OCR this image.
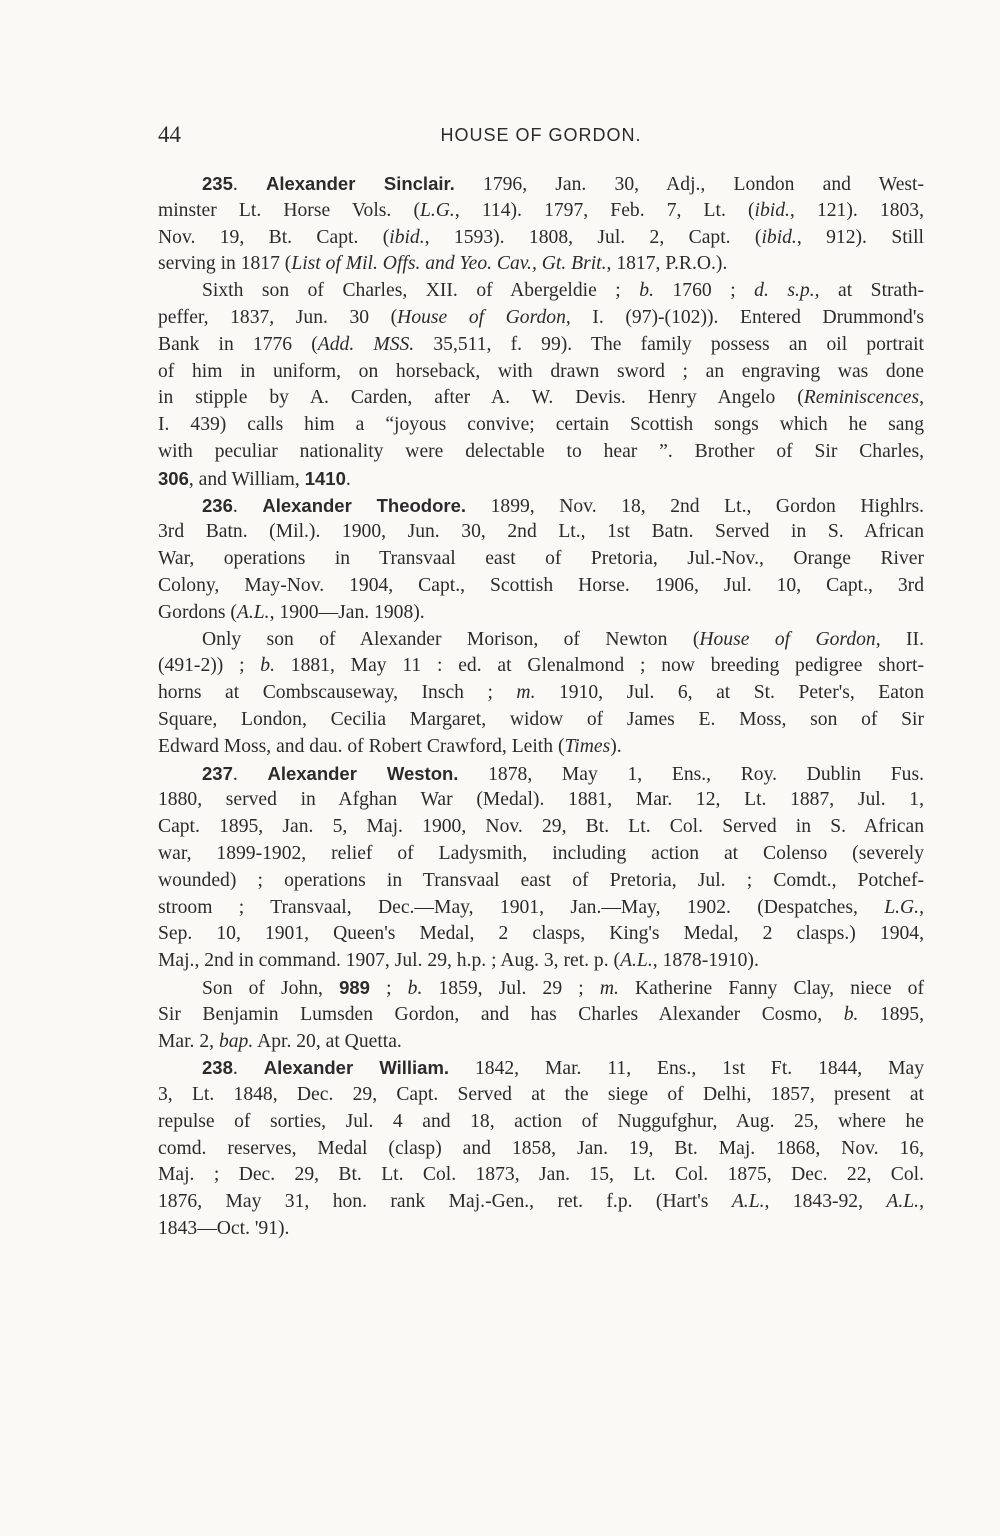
44	HOUSE OF GORDON.
235. Alexander Sinclair. 1796, Jan. 30, Adj., London and West-
minster Lt. Horse Vols. (L.G., 114). 1797, Feb. 7, Lt. (ibid., 121). 1803,
Nov. 19, Bt. Capt. (ibid., 1593). 1808, Jul. 2, Capt. (ibid., 912). Still
serving in 1817 (List of Mil. Offs. and Yeo. Cav., Gt. Brit., 1817, P.R.O.).
Sixth son of Charles, XII. of Abergeldie ; b. 1760 ; d. s.p., at Strath-
peffer, 1837, Jun. 30 (House of Gordon, I. (97)-(102)). Entered Drummond's
Bank in 1776 (Add. MSS. 35,511, f. 99). The family possess an oil portrait
of him in uniform, on horseback, with drawn sword ; an engraving was done
in stipple by A. Carden, after A. W. Devis. Henry Angelo (Reminiscences,
I. 439) calls him a “joyous convive; certain Scottish songs which he sang
with peculiar nationality were delectable to hear ”. Brother of Sir Charles,
306, and William, 1410.
236. Alexander Theodore. 1899, Nov. 18, 2nd Lt., Gordon Highlrs.
3rd Batn. (Mil.). 1900, Jun. 30, 2nd Lt., 1st Batn. Served in S. African
War, operations in Transvaal east of Pretoria, Jul.-Nov., Orange River
Colony, May-Nov. 1904, Capt., Scottish Horse. 1906, Jul. 10, Capt., 3rd
Gordons (A.L., 1900—Jan. 1908).
Only son of Alexander Morison, of Newton (House of Gordon, II.
(491-2)) ; b. 1881, May 11 : ed. at Glenalmond ; now breeding pedigree short-
horns at Combscauseway, Insch ; m. 1910, Jul. 6, at St. Peter's, Eaton
Square, London, Cecilia Margaret, widow of James E. Moss, son of Sir
Edward Moss, and dau. of Robert Crawford, Leith (Times).
237. Alexander Weston. 1878, May 1, Ens., Roy. Dublin Fus.
1880, served in Afghan War (Medal). 1881, Mar. 12, Lt. 1887, Jul. 1,
Capt. 1895, Jan. 5, Maj. 1900, Nov. 29, Bt. Lt. Col. Served in S. African
war, 1899-1902, relief of Ladysmith, including action at Colenso (severely
wounded) ; operations in Transvaal east of Pretoria, Jul. ; Comdt., Potchef-
stroom ; Transvaal, Dec.—May, 1901, Jan.—May, 1902. (Despatches, L.G.,
Sep. 10, 1901, Queen's Medal, 2 clasps, King's Medal, 2 clasps.) 1904,
Maj., 2nd in command. 1907, Jul. 29, h.p. ; Aug. 3, ret. p. (A.L., 1878-1910).
Son of John, 989 ; b. 1859, Jul. 29 ; m. Katherine Fanny Clay, niece of
Sir Benjamin Lumsden Gordon, and has Charles Alexander Cosmo, b. 1895,
Mar. 2, bap. Apr. 20, at Quetta.
238. Alexander William. 1842, Mar. 11, Ens., 1st Ft. 1844, May
3, Lt. 1848, Dec. 29, Capt. Served at the siege of Delhi, 1857, present at
repulse of sorties, Jul. 4 and 18, action of Nuggufghur, Aug. 25, where he
comd. reserves, Medal (clasp) and 1858, Jan. 19, Bt. Maj. 1868, Nov. 16,
Maj. ; Dec. 29, Bt. Lt. Col. 1873, Jan. 15, Lt. Col. 1875, Dec. 22, Col.
1876, May 31, hon. rank Maj.-Gen., ret. f.p. (Hart's A.L., 1843-92, A.L.,
1843—Oct. '91).
